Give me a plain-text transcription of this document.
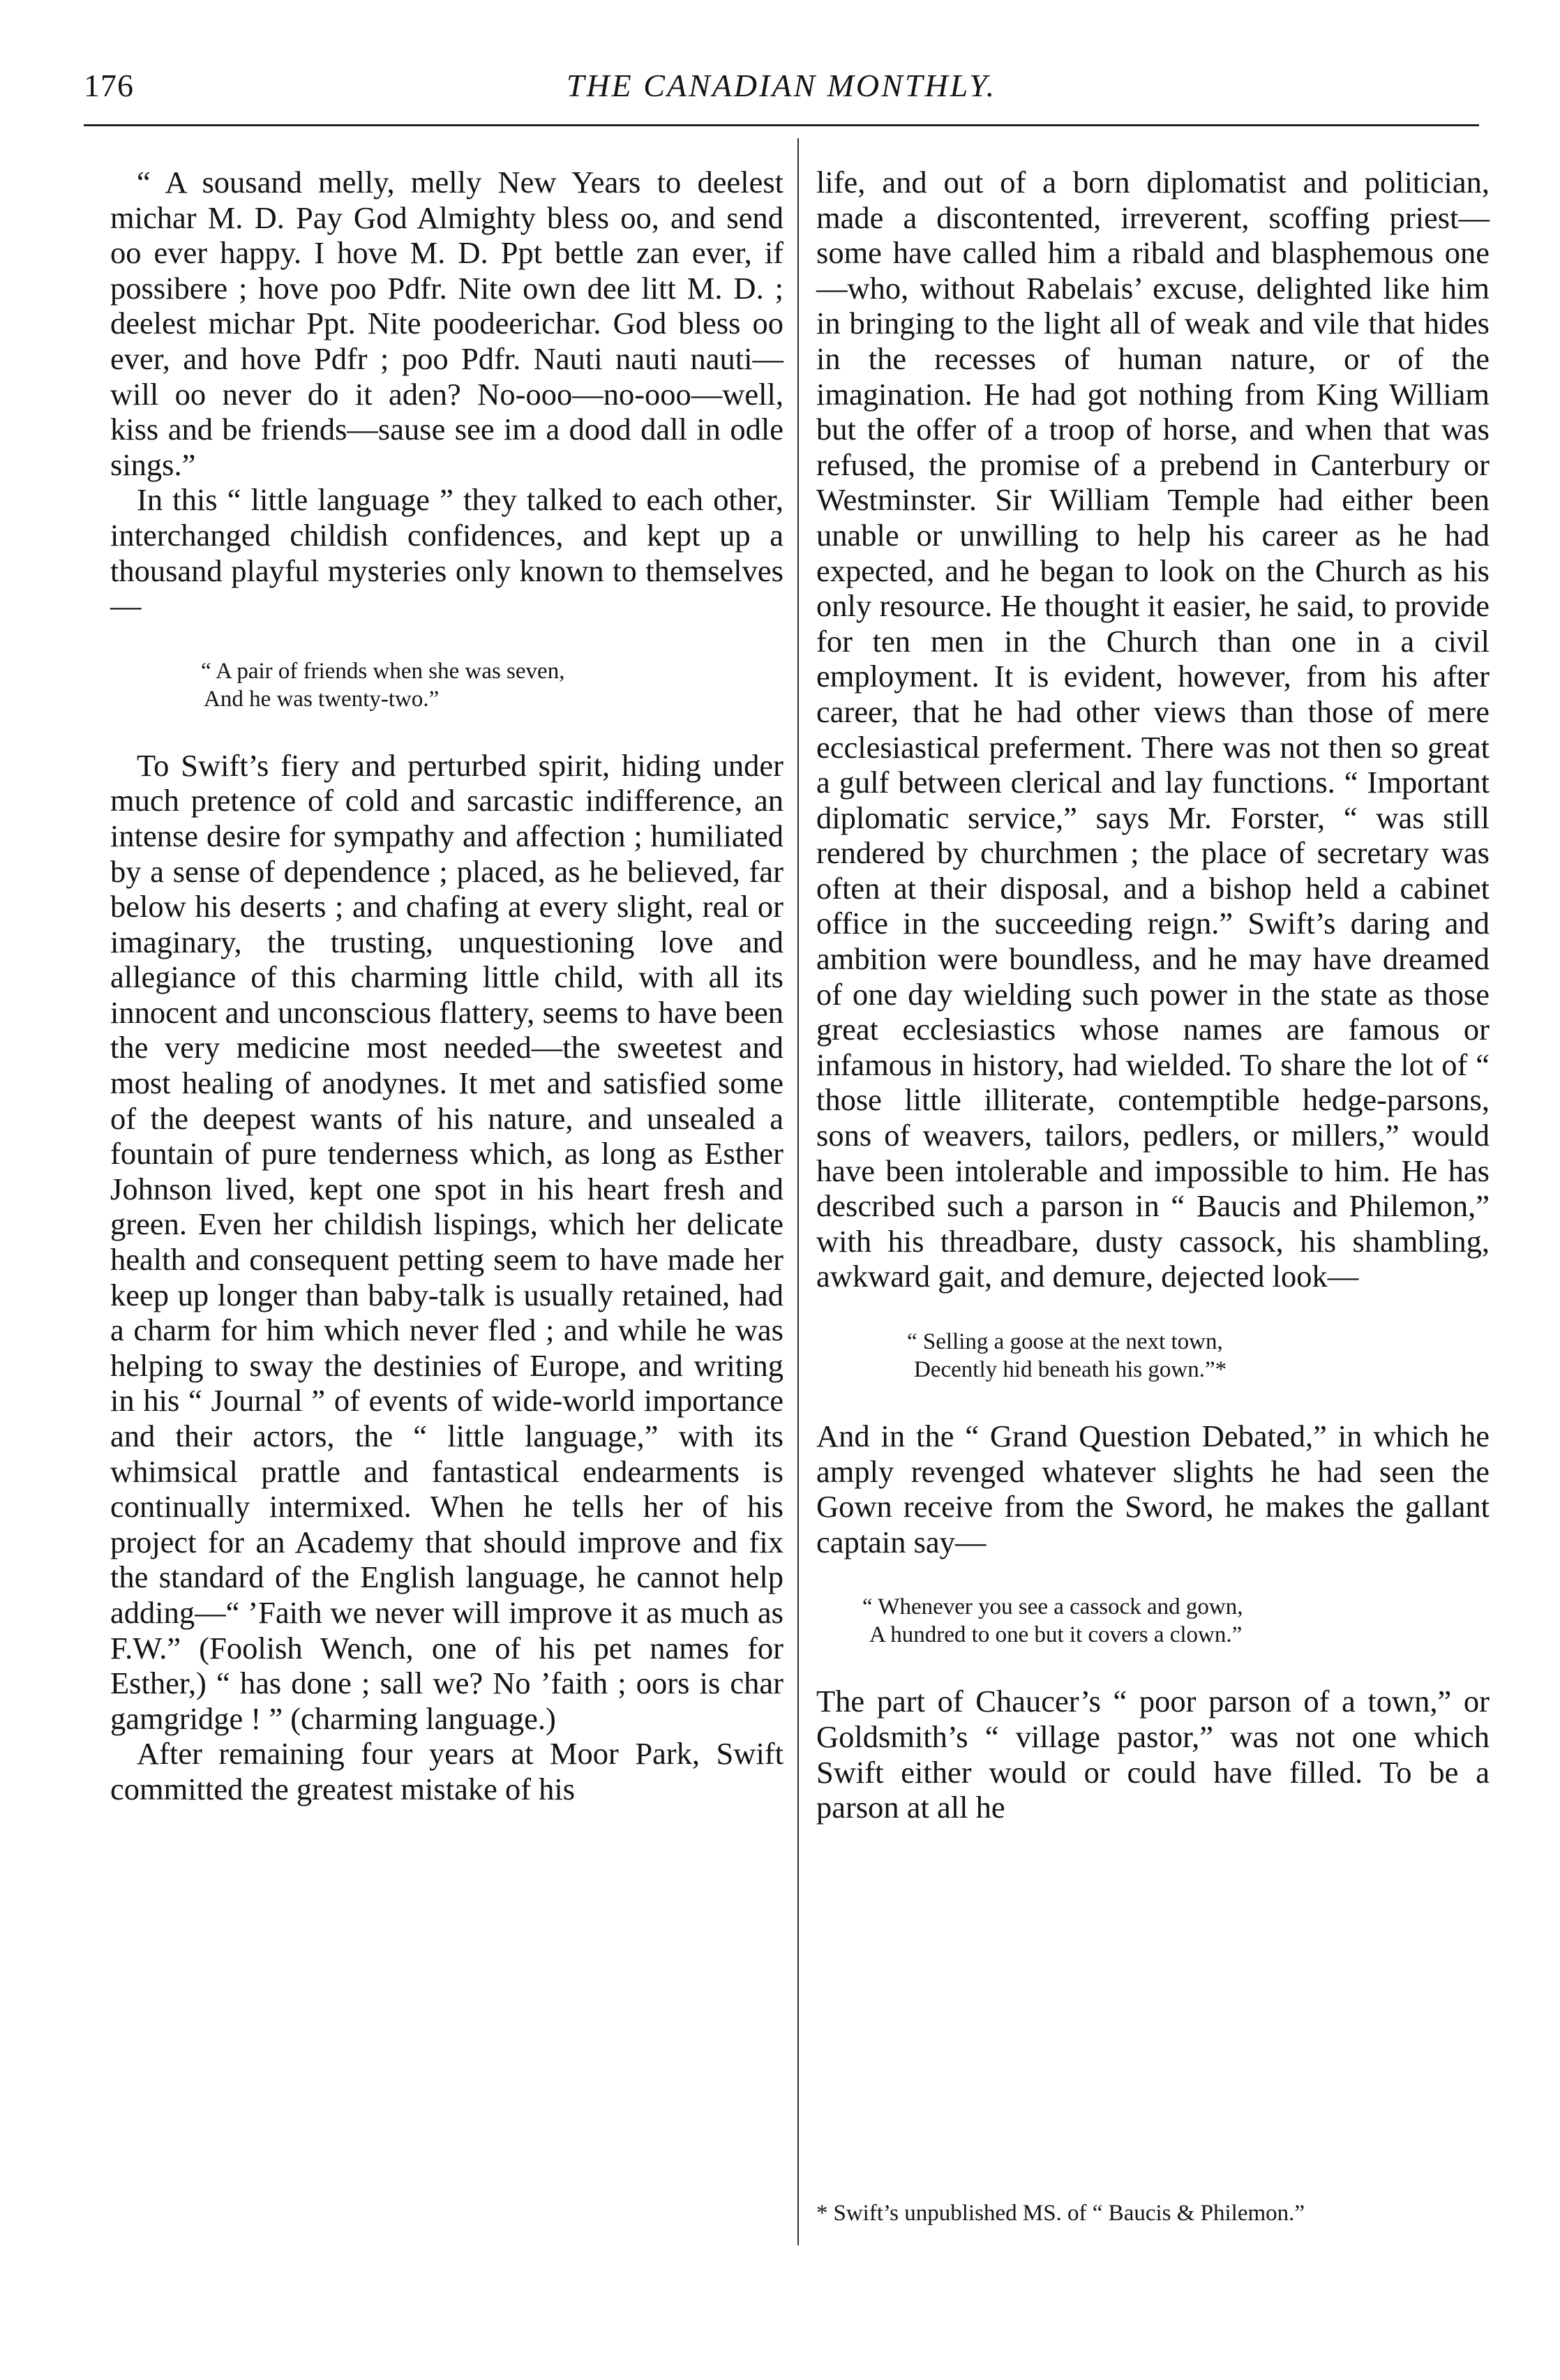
176	THE CANADIAN MONTHLY.

“ A sousand melly, melly New Years to deelest michar M. D. Pay God Almighty bless oo, and send oo ever happy. I hove M. D. Ppt bettle zan ever, if possibere ; hove poo Pdfr. Nite own dee litt M. D. ; deelest michar Ppt. Nite poodeerichar. God bless oo ever, and hove Pdfr ; poo Pdfr. Nauti nauti nauti—will oo never do it aden? No-ooo—no-ooo—well, kiss and be friends—sause see im a dood dall in odle sings.”

In this “ little language ” they talked to each other, interchanged childish confidences, and kept up a thousand playful mysteries only known to themselves—

“ A pair of friends when she was seven,
And he was twenty-two.”

To Swift’s fiery and perturbed spirit, hiding under much pretence of cold and sarcastic indifference, an intense desire for sympathy and affection ; humiliated by a sense of dependence ; placed, as he believed, far below his deserts ; and chafing at every slight, real or imaginary, the trusting, unquestioning love and allegiance of this charming little child, with all its innocent and unconscious flattery, seems to have been the very medicine most needed—the sweetest and most healing of anodynes. It met and satisfied some of the deepest wants of his nature, and unsealed a fountain of pure tenderness which, as long as Esther Johnson lived, kept one spot in his heart fresh and green. Even her childish lispings, which her delicate health and consequent petting seem to have made her keep up longer than baby-talk is usually retained, had a charm for him which never fled ; and while he was helping to sway the destinies of Europe, and writing in his “ Journal ” of events of wide-world importance and their actors, the “ little language,” with its whimsical prattle and fantastical endearments is continually intermixed. When he tells her of his project for an Academy that should improve and fix the standard of the English language, he cannot help adding—“ ’Faith we never will improve it as much as F.W.” (Foolish Wench, one of his pet names for Esther,) “ has done ; sall we? No ’faith ; oors is char gamgridge ! ” (charming language.)

After remaining four years at Moor Park, Swift committed the greatest mistake of his

life, and out of a born diplomatist and politician, made a discontented, irreverent, scoffing priest—some have called him a ribald and blasphemous one—who, without Rabelais’ excuse, delighted like him in bringing to the light all of weak and vile that hides in the recesses of human nature, or of the imagination. He had got nothing from King William but the offer of a troop of horse, and when that was refused, the promise of a prebend in Canterbury or Westminster. Sir William Temple had either been unable or unwilling to help his career as he had expected, and he began to look on the Church as his only resource. He thought it easier, he said, to provide for ten men in the Church than one in a civil employment. It is evident, however, from his after career, that he had other views than those of mere ecclesiastical preferment. There was not then so great a gulf between clerical and lay functions. “ Important diplomatic service,” says Mr. Forster, “ was still rendered by churchmen ; the place of secretary was often at their disposal, and a bishop held a cabinet office in the succeeding reign.” Swift’s daring and ambition were boundless, and he may have dreamed of one day wielding such power in the state as those great ecclesiastics whose names are famous or infamous in history, had wielded. To share the lot of “ those little illiterate, contemptible hedge-parsons, sons of weavers, tailors, pedlers, or millers,” would have been intolerable and impossible to him. He has described such a parson in “ Baucis and Philemon,” with his threadbare, dusty cassock, his shambling, awkward gait, and demure, dejected look—

“ Selling a goose at the next town,
Decently hid beneath his gown.”*

And in the “ Grand Question Debated,” in which he amply revenged whatever slights he had seen the Gown receive from the Sword, he makes the gallant captain say—

“ Whenever you see a cassock and gown,
A hundred to one but it covers a clown.”

The part of Chaucer’s “ poor parson of a town,” or Goldsmith’s “ village pastor,” was not one which Swift either would or could have filled. To be a parson at all he

* Swift’s unpublished MS. of “ Baucis & Philemon.”
